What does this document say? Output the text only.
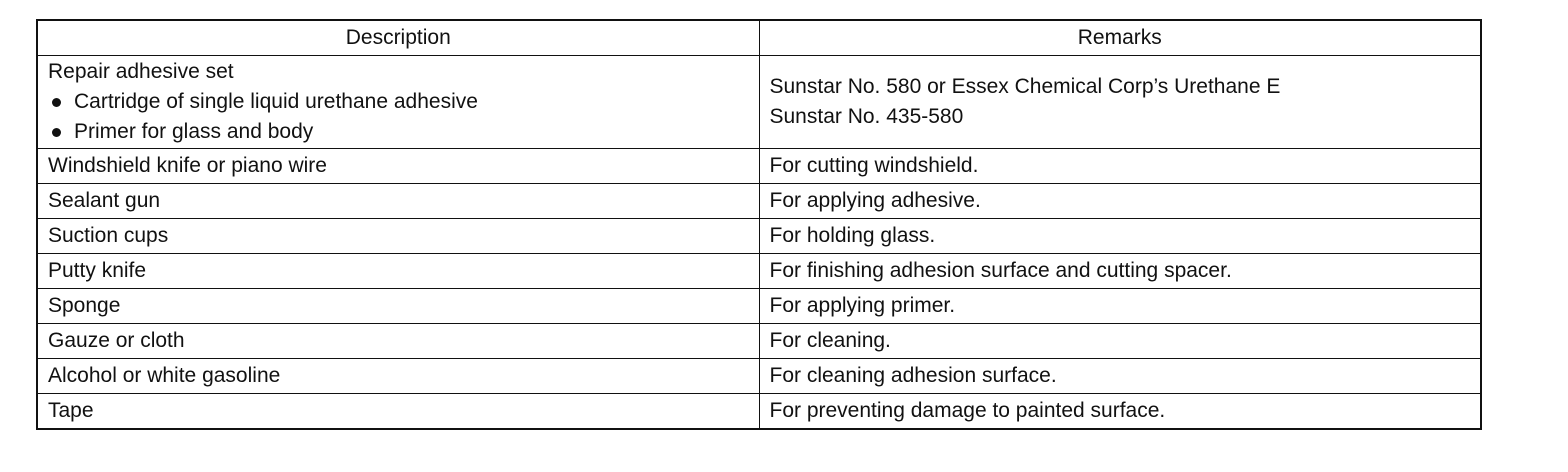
Description	Remarks

Repair adhesive set
Cartridge of single liquid urethane adhesive
Primer for glass and body	Sunstar No. 580 or Essex Chemical Corp’s Urethane E
Sunstar No. 435-580

Windshield knife or piano wire	For cutting windshield.
Sealant gun	For applying adhesive.
Suction cups	For holding glass.
Putty knife	For finishing adhesion surface and cutting spacer.
Sponge	For applying primer.
Gauze or cloth	For cleaning.
Alcohol or white gasoline	For cleaning adhesion surface.
Tape	For preventing damage to painted surface.
